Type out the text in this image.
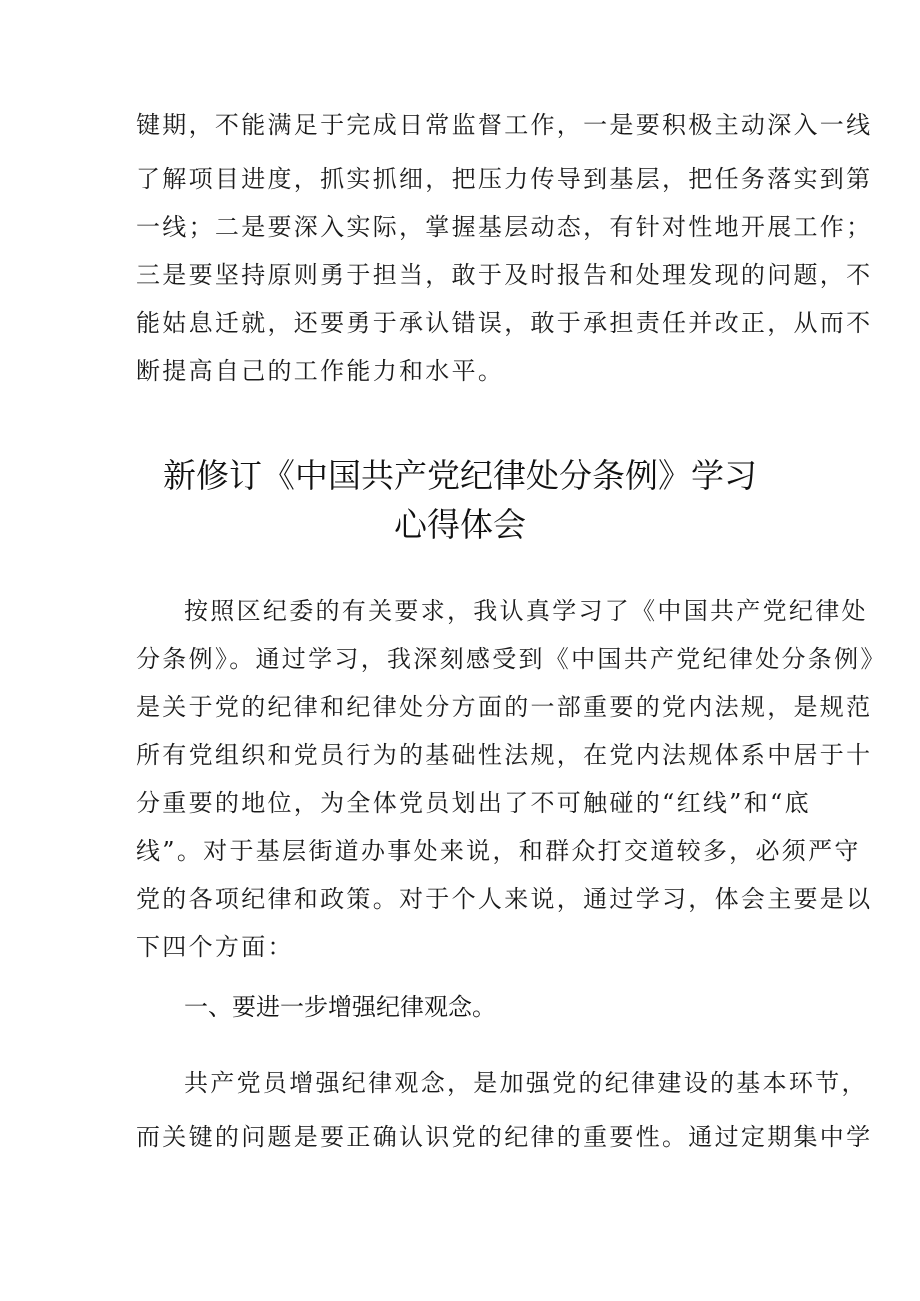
键期，不能满足于完成日常监督工作，一是要积极主动深入一线
了解项目进度，抓实抓细，把压力传导到基层，把任务落实到第
一线；二是要深入实际，掌握基层动态，有针对性地开展工作；
三是要坚持原则勇于担当，敢于及时报告和处理发现的问题，不
能姑息迁就，还要勇于承认错误，敢于承担责任并改正，从而不
断提高自己的工作能力和水平。
新修订《中国共产党纪律处分条例》学习
心得体会
按照区纪委的有关要求，我认真学习了《中国共产党纪律处
分条例》。通过学习，我深刻感受到《中国共产党纪律处分条例》
是关于党的纪律和纪律处分方面的一部重要的党内法规，是规范
所有党组织和党员行为的基础性法规，在党内法规体系中居于十
分重要的地位，为全体党员划出了不可触碰的“红线”和“底
线”。对于基层街道办事处来说，和群众打交道较多，必须严守
党的各项纪律和政策。对于个人来说，通过学习，体会主要是以
下四个方面：
一、要进一步增强纪律观念。
共产党员增强纪律观念，是加强党的纪律建设的基本环节，
而关键的问题是要正确认识党的纪律的重要性。通过定期集中学
